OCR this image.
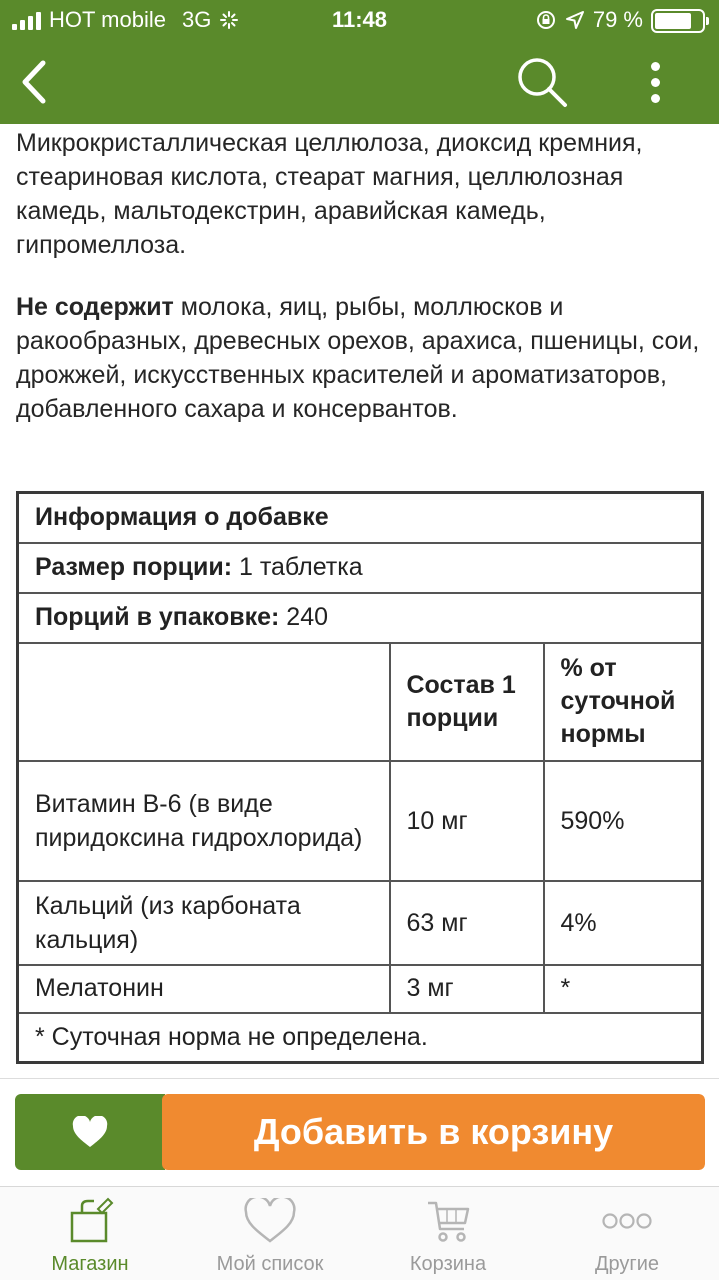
HOT mobile 3G	11:48	79 %

Микрокристаллическая целлюлоза, диоксид кремния, стеариновая кислота, стеарат магния, целлюлозная камедь, мальтодекстрин, аравийская камедь, гипромеллоза.

Не содержит молока, яиц, рыбы, моллюсков и ракообразных, древесных орехов, арахиса, пшеницы, сои, дрожжей, искусственных красителей и ароматизаторов, добавленного сахара и консервантов.

Информация о добавке		
Размер порции: 1 таблетка		
Порций в упаковке: 240		
	Состав 1 порции	% от суточной нормы
Витамин B-6 (в виде пиридоксина гидрохлорида)	10 мг	590%
Кальций (из карбоната кальция)	63 мг	4%
Мелатонин	3 мг	*
* Суточная норма не определена.		
Добавить в корзину
Магазин	Мой список	Корзина	Другие
